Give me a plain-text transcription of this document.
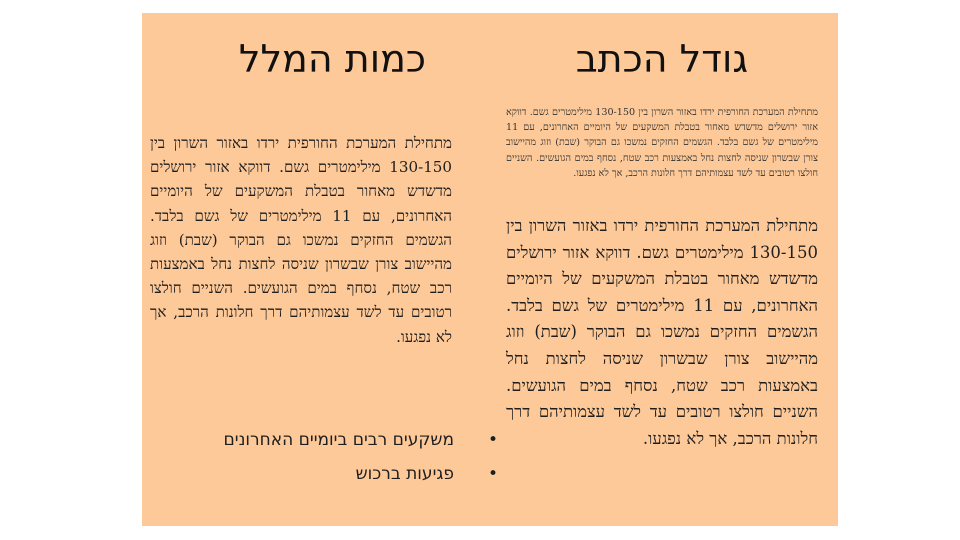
גודל הכתב
כמות המלל

מתחילת המערכת החורפית ירדו באזור השרון בין 130-150 מילימטרים גשם. דווקא אזור ירושלים מדשדש מאחור בטבלת המשקעים של היומיים האחרונים, עם 11 מילימטרים של גשם בלבד. הגשמים החזקים נמשכו גם הבוקר (שבת) וזוג מהיישוב צורן שבשרון שניסה לחצות נחל באמצעות רכב שטח, נסחף במים הגועשים. השניים חולצו רטובים עד לשד עצמותיהם דרך חלונות הרכב, אך לא נפגעו.

מתחילת המערכת החורפית ירדו באזור השרון בין 130-150 מילימטרים גשם. דווקא אזור ירושלים מדשדש מאחור בטבלת המשקעים של היומיים האחרונים, עם 11 מילימטרים של גשם בלבד. הגשמים החזקים נמשכו גם הבוקר (שבת) וזוג מהיישוב צורן שבשרון שניסה לחצות נחל באמצעות רכב שטח, נסחף במים הגועשים. השניים חולצו רטובים עד לשד עצמותיהם דרך חלונות הרכב, אך לא נפגעו.

מתחילת המערכת החורפית ירדו באזור השרון בין 130-150 מילימטרים גשם. דווקא אזור ירושלים מדשדש מאחור בטבלת המשקעים של היומיים האחרונים, עם 11 מילימטרים של גשם בלבד. הגשמים החזקים נמשכו גם הבוקר (שבת) וזוג מהיישוב צורן שבשרון שניסה לחצות נחל באמצעות רכב שטח, נסחף במים הגועשים. השניים חולצו רטובים עד לשד עצמותיהם דרך חלונות הרכב, אך לא נפגעו.

•
משקעים רבים ביומיים האחרונים
•
פגיעות ברכוש
